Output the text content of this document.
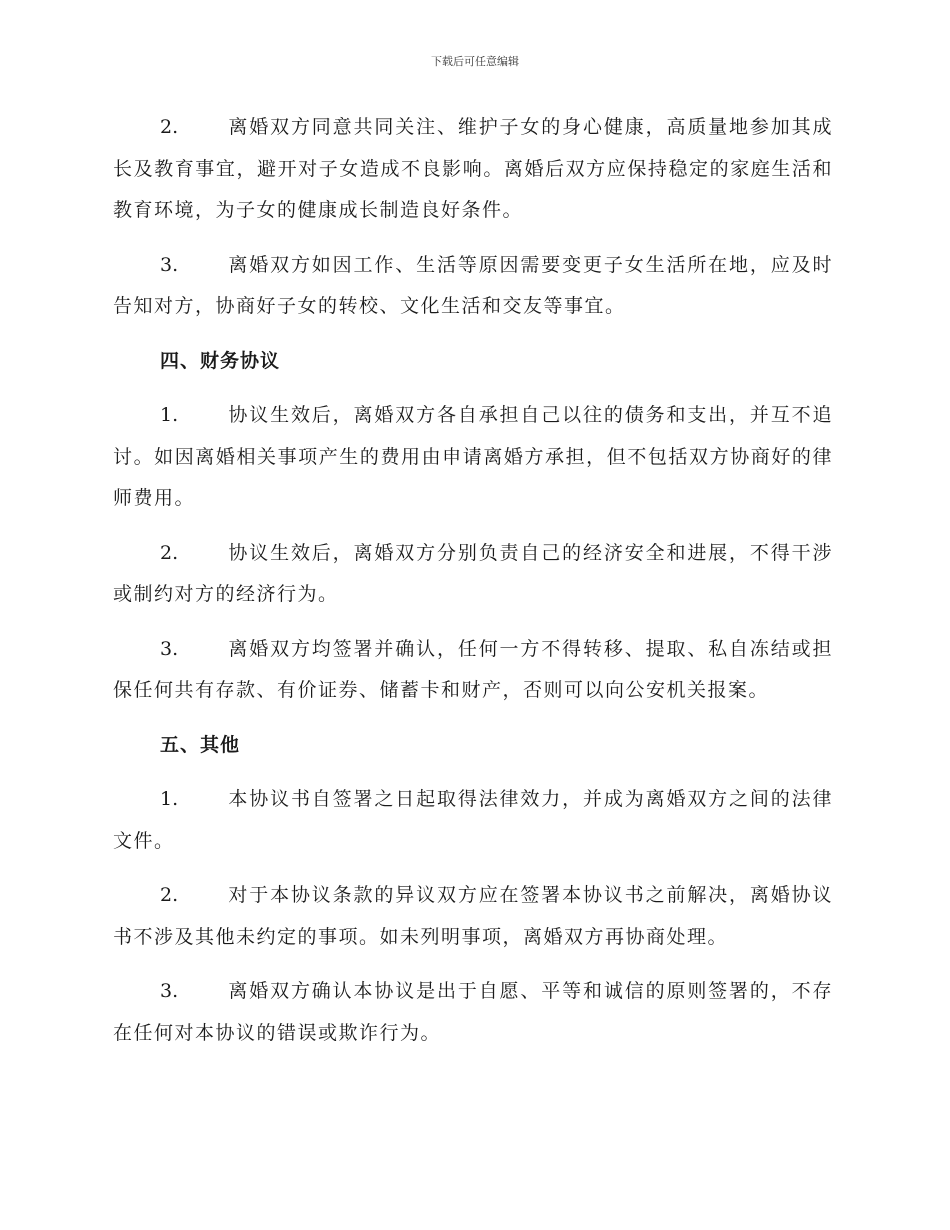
下载后可任意编辑

2.	离婚双方同意共同关注、维护子女的身心健康，高质量地参加其成长及教育事宜，避开对子女造成不良影响。离婚后双方应保持稳定的家庭生活和教育环境，为子女的健康成长制造良好条件。

3.	离婚双方如因工作、生活等原因需要变更子女生活所在地，应及时告知对方，协商好子女的转校、文化生活和交友等事宜。

四、财务协议

1.	协议生效后，离婚双方各自承担自己以往的债务和支出，并互不追讨。如因离婚相关事项产生的费用由申请离婚方承担，但不包括双方协商好的律师费用。

2.	协议生效后，离婚双方分别负责自己的经济安全和进展，不得干涉或制约对方的经济行为。

3.	离婚双方均签署并确认，任何一方不得转移、提取、私自冻结或担保任何共有存款、有价证券、储蓄卡和财产，否则可以向公安机关报案。

五、其他

1.	本协议书自签署之日起取得法律效力，并成为离婚双方之间的法律文件。

2.	对于本协议条款的异议双方应在签署本协议书之前解决，离婚协议书不涉及其他未约定的事项。如未列明事项，离婚双方再协商处理。

3.	离婚双方确认本协议是出于自愿、平等和诚信的原则签署的，不存在任何对本协议的错误或欺诈行为。
